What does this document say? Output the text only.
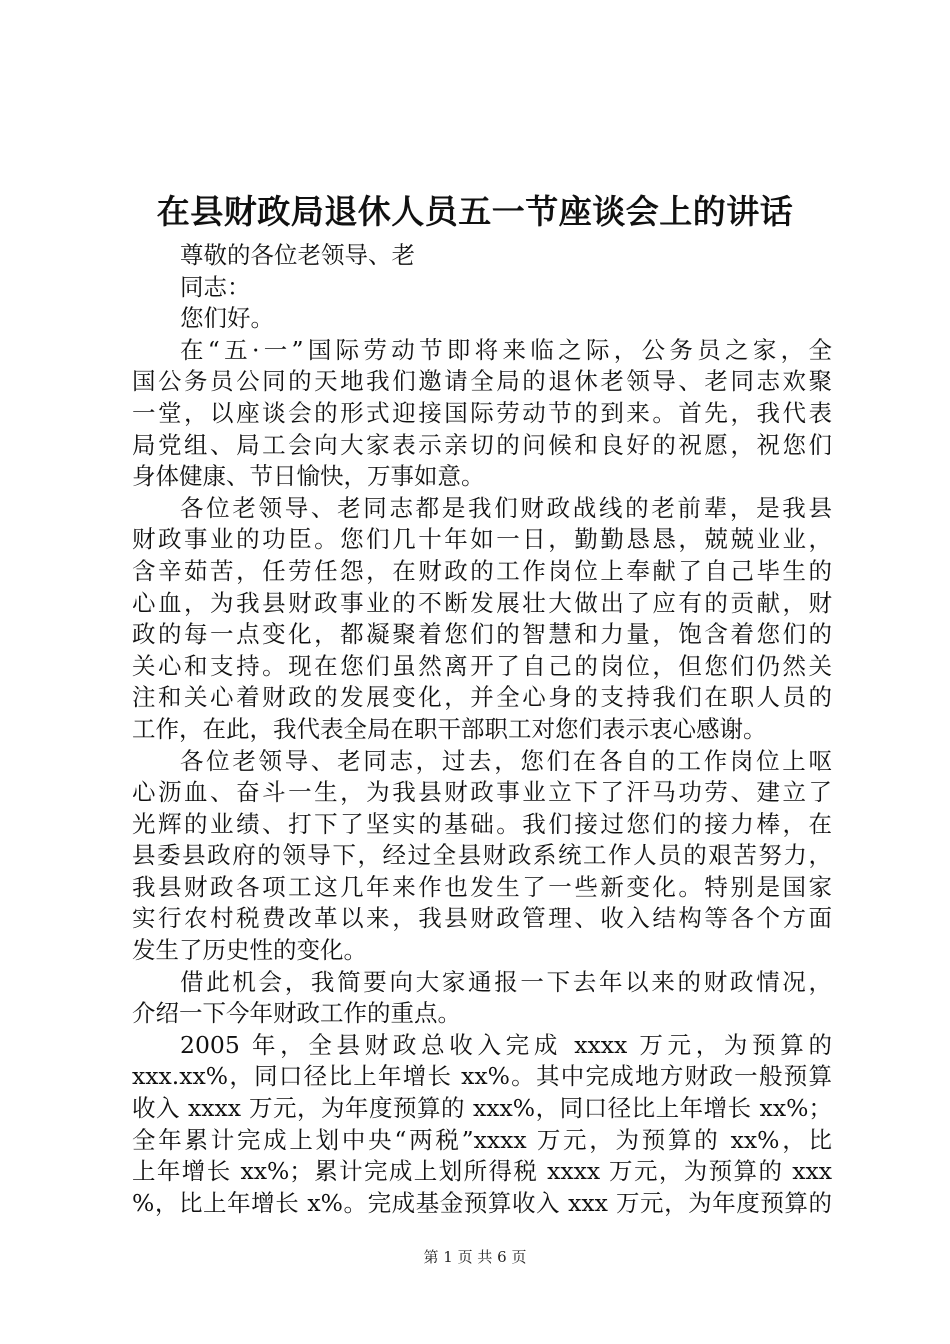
在县财政局退休人员五一节座谈会上的讲话
尊敬的各位老领导、老
同志：
您们好。
在“五·一”国际劳动节即将来临之际，公务员之家，全
国公务员公同的天地我们邀请全局的退休老领导、老同志欢聚
一堂，以座谈会的形式迎接国际劳动节的到来。首先，我代表
局党组、局工会向大家表示亲切的问候和良好的祝愿，祝您们
身体健康、节日愉快，万事如意。
各位老领导、老同志都是我们财政战线的老前辈，是我县
财政事业的功臣。您们几十年如一日，勤勤恳恳，兢兢业业，
含辛茹苦，任劳任怨，在财政的工作岗位上奉献了自己毕生的
心血，为我县财政事业的不断发展壮大做出了应有的贡献，财
政的每一点变化，都凝聚着您们的智慧和力量，饱含着您们的
关心和支持。现在您们虽然离开了自己的岗位，但您们仍然关
注和关心着财政的发展变化，并全心身的支持我们在职人员的
工作，在此，我代表全局在职干部职工对您们表示衷心感谢。
各位老领导、老同志，过去，您们在各自的工作岗位上呕
心沥血、奋斗一生，为我县财政事业立下了汗马功劳、建立了
光辉的业绩、打下了坚实的基础。我们接过您们的接力棒，在
县委县政府的领导下，经过全县财政系统工作人员的艰苦努力，
我县财政各项工这几年来作也发生了一些新变化。特别是国家
实行农村税费改革以来，我县财政管理、收入结构等各个方面
发生了历史性的变化。
借此机会，我简要向大家通报一下去年以来的财政情况，
介绍一下今年财政工作的重点。
2005 年，全县财政总收入完成 xxxx 万元，为预算的
xxx.xx%，同口径比上年增长 xx%。其中完成地方财政一般预算
收入 xxxx 万元，为年度预算的 xxx%，同口径比上年增长 xx%；
全年累计完成上划中央“两税”xxxx 万元，为预算的 xx%，比
上年增长 xx%；累计完成上划所得税 xxxx 万元，为预算的 xxx
%，比上年增长 x%。完成基金预算收入 xxx 万元，为年度预算的
第 1 页 共 6 页
